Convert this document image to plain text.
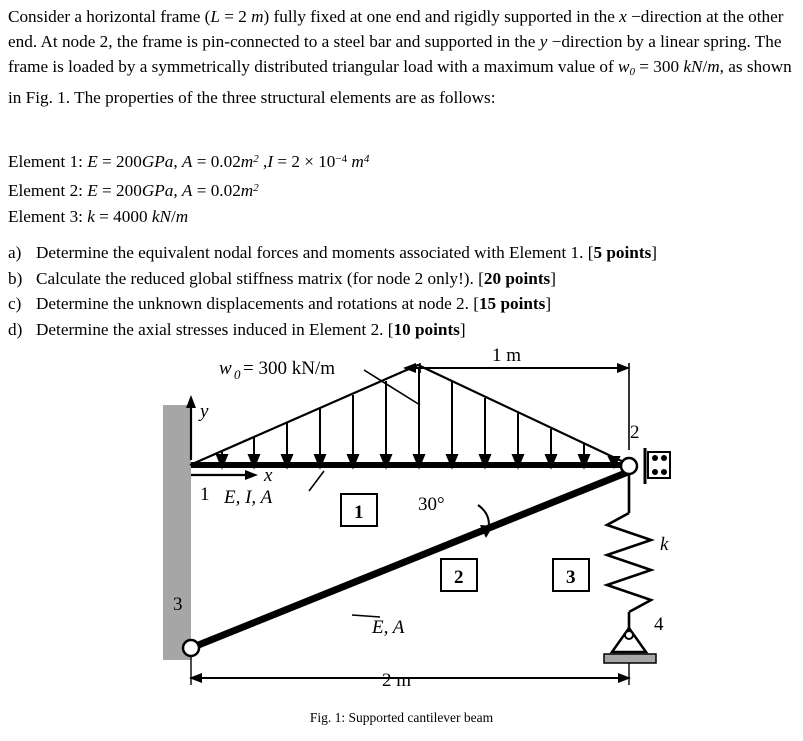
Consider a horizontal frame (L = 2 m) fully fixed at one end and rigidly supported in the x −direction at the other end. At node 2, the frame is pin-connected to a steel bar and supported in the y −direction by a linear spring. The frame is loaded by a symmetrically distributed triangular load with a maximum value of $w_0 = 300$ kN/m, as shown in Fig. 1. The properties of the three structural elements are as follows:

Element 1: E = 200GPa, $A = 0.02m^2$ $,I = 2 \times 10^{-4}$ $m^4$
Element 2: E = 200GPa, $A = 0.02m^2$
Element 3: k = 4000 kN/m
a) Determine the equivalent nodal forces and moments associated with Element 1. [5 points]
b) Calculate the reduced global stiffness matrix (for node 2 only!). [20 points]
c) Determine the unknown displacements and rotations at node 2. [15 points]
d) Determine the axial stresses induced in Element 2. [10 points]
w 0 = 300 kN/m
y
x
3
1
2
E, I, A
E, A
1
2	3
30°
k
4
1 m
2 m
Fig. 1: Supported cantilever beam
